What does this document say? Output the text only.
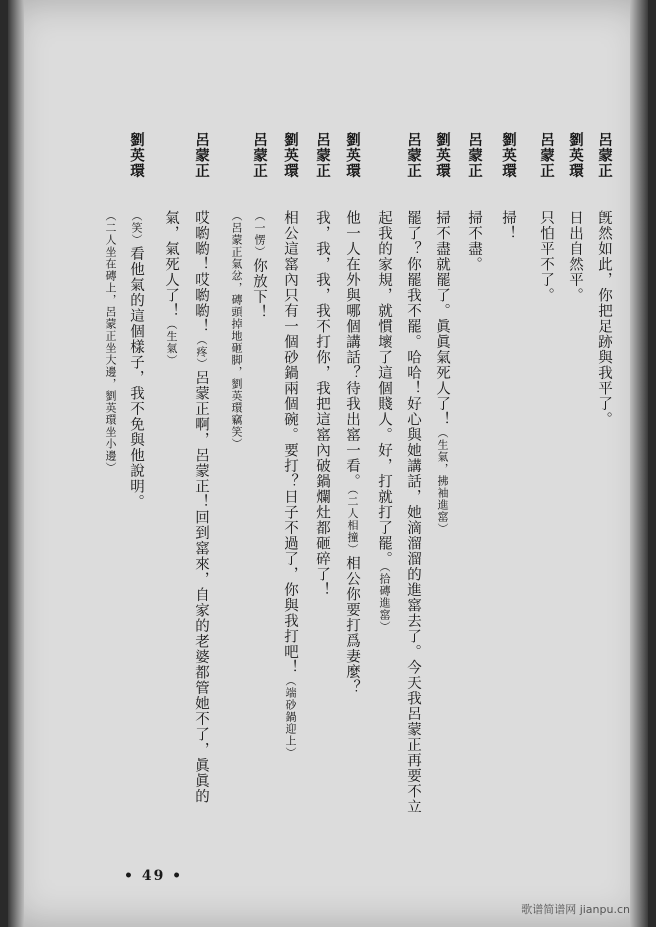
呂蒙正旣然如此，你把足跡與我平了。
劉英環日出自然平。
呂蒙正只怕平不了。
劉英環掃！
呂蒙正掃不盡。
劉英環掃不盡就罷了。眞眞氣死人了！（生氣，拂袖進窰）
呂蒙正罷了？你罷我不罷。哈哈！好心與她講話，她滴溜溜的進窰去了。今天我呂蒙正再要不立
起我的家規，就慣壞了這個賤人。好，打就打了罷。（拾磚進窰）
劉英環他一人在外與哪個講話？待我出窰一看。（二人相撞）相公你要打爲妻麼？
呂蒙正我，我，我，我不打你，我把這窰內破鍋爛灶都砸碎了！
劉英環相公這窰內只有一個砂鍋兩個碗。要打？日子不過了，你與我打吧！（端砂鍋迎上）
呂蒙正（一愣）你放下！
（呂蒙正氣忿，磚頭掉地砸脚，劉英環竊笑）
呂蒙正哎喲喲！哎喲喲！（疼）呂蒙正啊，呂蒙正！回到窰來，自家的老婆都管她不了，眞眞的
氣，氣死人了！（生氣）
劉英環（笑）看他氣的這個樣子，我不免與他說明。
（二人坐在磚上，呂蒙正坐大邊，劉英環坐小邊）
• 49 •
歌谱简谱网 jianpu.cn
